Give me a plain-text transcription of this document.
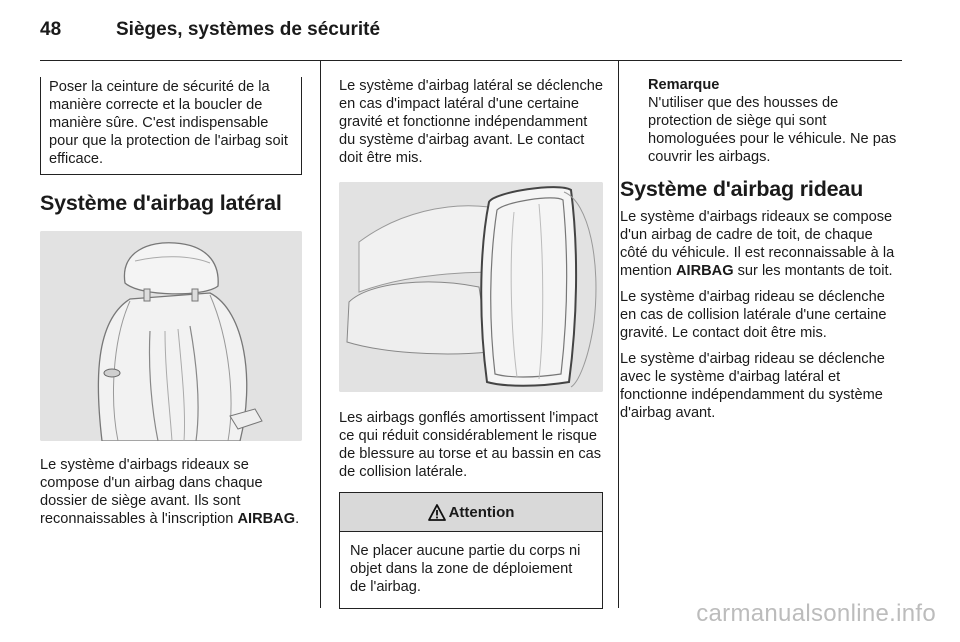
48	Sièges, systèmes de sécurité

Poser la ceinture de sécurité de la manière correcte et la boucler de manière sûre. C'est indispensable pour que la protection de l'airbag soit efficace.

Système d'airbag latéral

Le système d'airbags rideaux se compose d'un airbag dans chaque dossier de siège avant. Ils sont reconnaissables à l'inscription AIRBAG.

Le système d'airbag latéral se déclenche en cas d'impact latéral d'une certaine gravité et fonctionne indépendamment du système d'airbag avant. Le contact doit être mis.

Les airbags gonflés amortissent l'impact ce qui réduit considérablement le risque de blessure au torse et au bassin en cas de collision latérale.

Attention

Ne placer aucune partie du corps ni objet dans la zone de déploiement de l'airbag.

Remarque

N'utiliser que des housses de protection de siège qui sont homologuées pour le véhicule. Ne pas couvrir les airbags.

Système d'airbag rideau

Le système d'airbags rideaux se compose d'un airbag de cadre de toit, de chaque côté du véhicule. Il est reconnaissable à la mention AIRBAG sur les montants de toit.

Le système d'airbag rideau se déclenche en cas de collision latérale d'une certaine gravité. Le contact doit être mis.

Le système d'airbag rideau se déclenche avec le système d'airbag latéral et fonctionne indépendamment du système d'airbag avant.

carmanualsonline.info
